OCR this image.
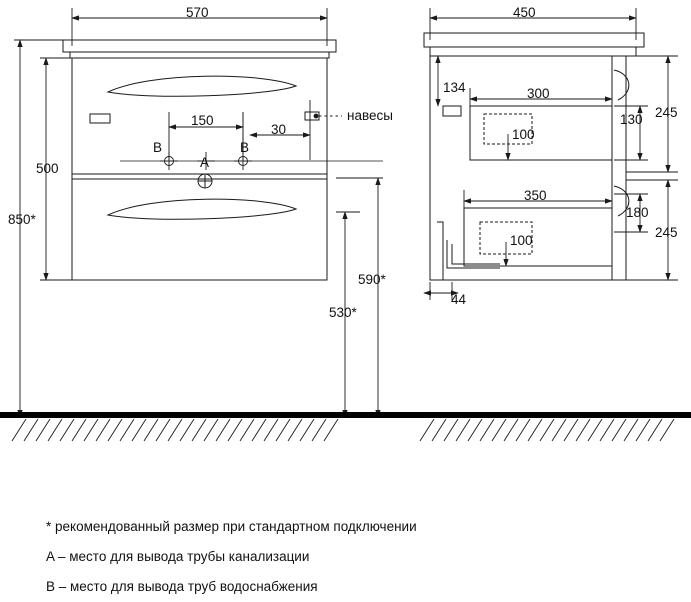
570
850*
500
150
30
590*
530*
B	B
A
навесы
450
134	300
100
130 245
350
100
180
245
44
* рекомендованный размер при стандартном подключении
A – место для вывода трубы канализации
B – место для вывода труб водоснабжения
